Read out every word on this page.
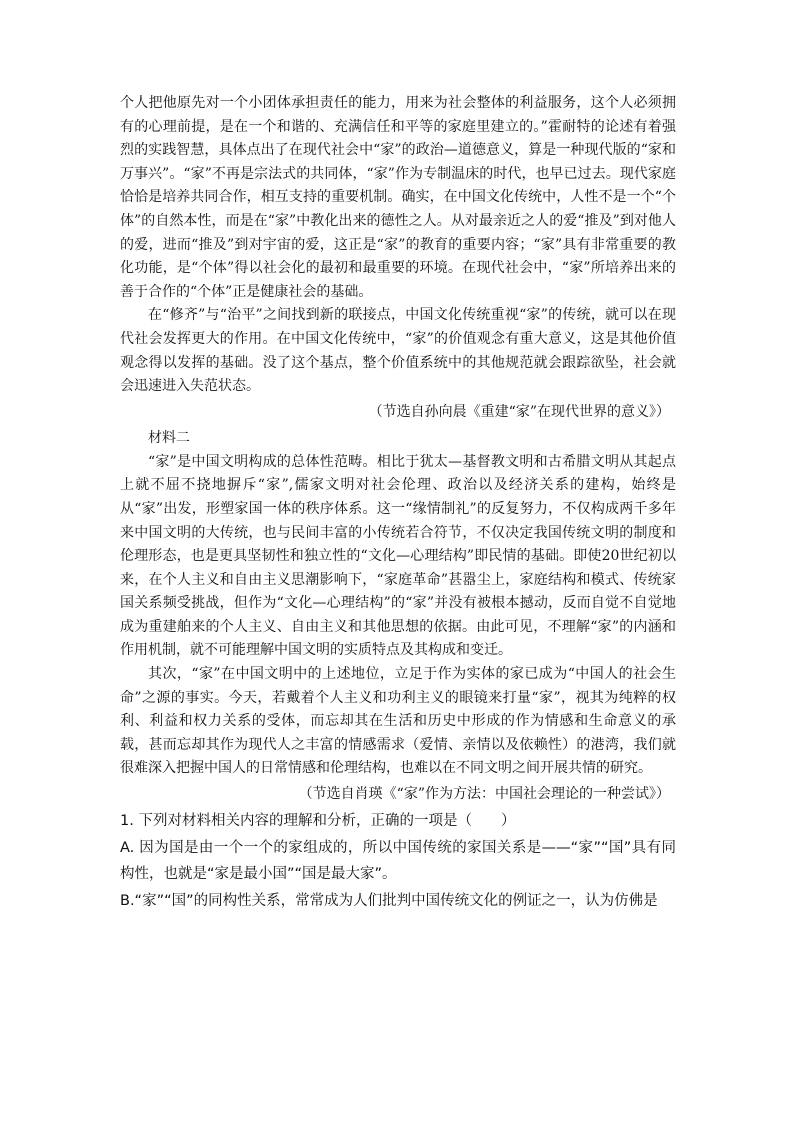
个人把他原先对一个小团体承担责任的能力，用来为社会整体的利益服务，这个人必须拥有的心理前提，是在一个和谐的、充满信任和平等的家庭里建立的。”霍耐特的论述有着强烈的实践智慧，具体点出了在现代社会中“家”的政治—道德意义，算是一种现代版的“家和万事兴”。“家”不再是宗法式的共同体，“家”作为专制温床的时代，也早已过去。现代家庭恰恰是培养共同合作，相互支持的重要机制。确实，在中国文化传统中，人性不是一个“个体”的自然本性，而是在“家”中教化出来的德性之人。从对最亲近之人的爱“推及”到对他人的爱，进而“推及”到对宇宙的爱，这正是“家”的教育的重要内容；“家”具有非常重要的教化功能，是“个体”得以社会化的最初和最重要的环境。在现代社会中，“家”所培养出来的善于合作的“个体”正是健康社会的基础。

在“修齐”与“治平”之间找到新的联接点，中国文化传统重视“家”的传统，就可以在现代社会发挥更大的作用。在中国文化传统中，“家”的价值观念有重大意义，这是其他价值观念得以发挥的基础。没了这个基点，整个价值系统中的其他规范就会跟踪欲坠，社会就会迅速进入失范状态。

（节选自孙向晨《重建“家”在现代世界的意义》）

材料二

“家”是中国文明构成的总体性范畴。相比于犹太—基督教文明和古希腊文明从其起点上就不屈不挠地摒斥“家”,儒家文明对社会伦理、政治以及经济关系的建构，始终是从“家”出发，形塑家国一体的秩序体系。这一“缘情制礼”的反复努力，不仅构成两千多年来中国文明的大传统，也与民间丰富的小传统若合符节，不仅决定我国传统文明的制度和伦理形态，也是更具坚韧性和独立性的“文化—心理结构”即民情的基础。即使20世纪初以来，在个人主义和自由主义思潮影响下，“家庭革命”甚嚣尘上，家庭结构和模式、传统家国关系频受挑战，但作为“文化—心理结构”的“家”并没有被根本撼动，反而自觉不自觉地成为重建舶来的个人主义、自由主义和其他思想的依据。由此可见，不理解“家”的内涵和作用机制，就不可能理解中国文明的实质特点及其构成和变迁。

其次，“家”在中国文明中的上述地位，立足于作为实体的家已成为“中国人的社会生命”之源的事实。今天，若戴着个人主义和功利主义的眼镜来打量“家”，视其为纯粹的权利、利益和权力关系的受体，而忘却其在生活和历史中形成的作为情感和生命意义的承载，甚而忘却其作为现代人之丰富的情感需求（爱情、亲情以及依赖性）的港湾，我们就很难深入把握中国人的日常情感和伦理结构，也难以在不同文明之间开展共情的研究。

（节选自肖瑛《“家”作为方法：中国社会理论的一种尝试》）

1. 下列对材料相关内容的理解和分析，正确的一项是（　　）

A. 因为国是由一个一个的家组成的，所以中国传统的家国关系是——“家”“国”具有同构性，也就是“家是最小国”“国是最大家”。

B.“家”“国”的同构性关系，常常成为人们批判中国传统文化的例证之一，认为仿佛是
